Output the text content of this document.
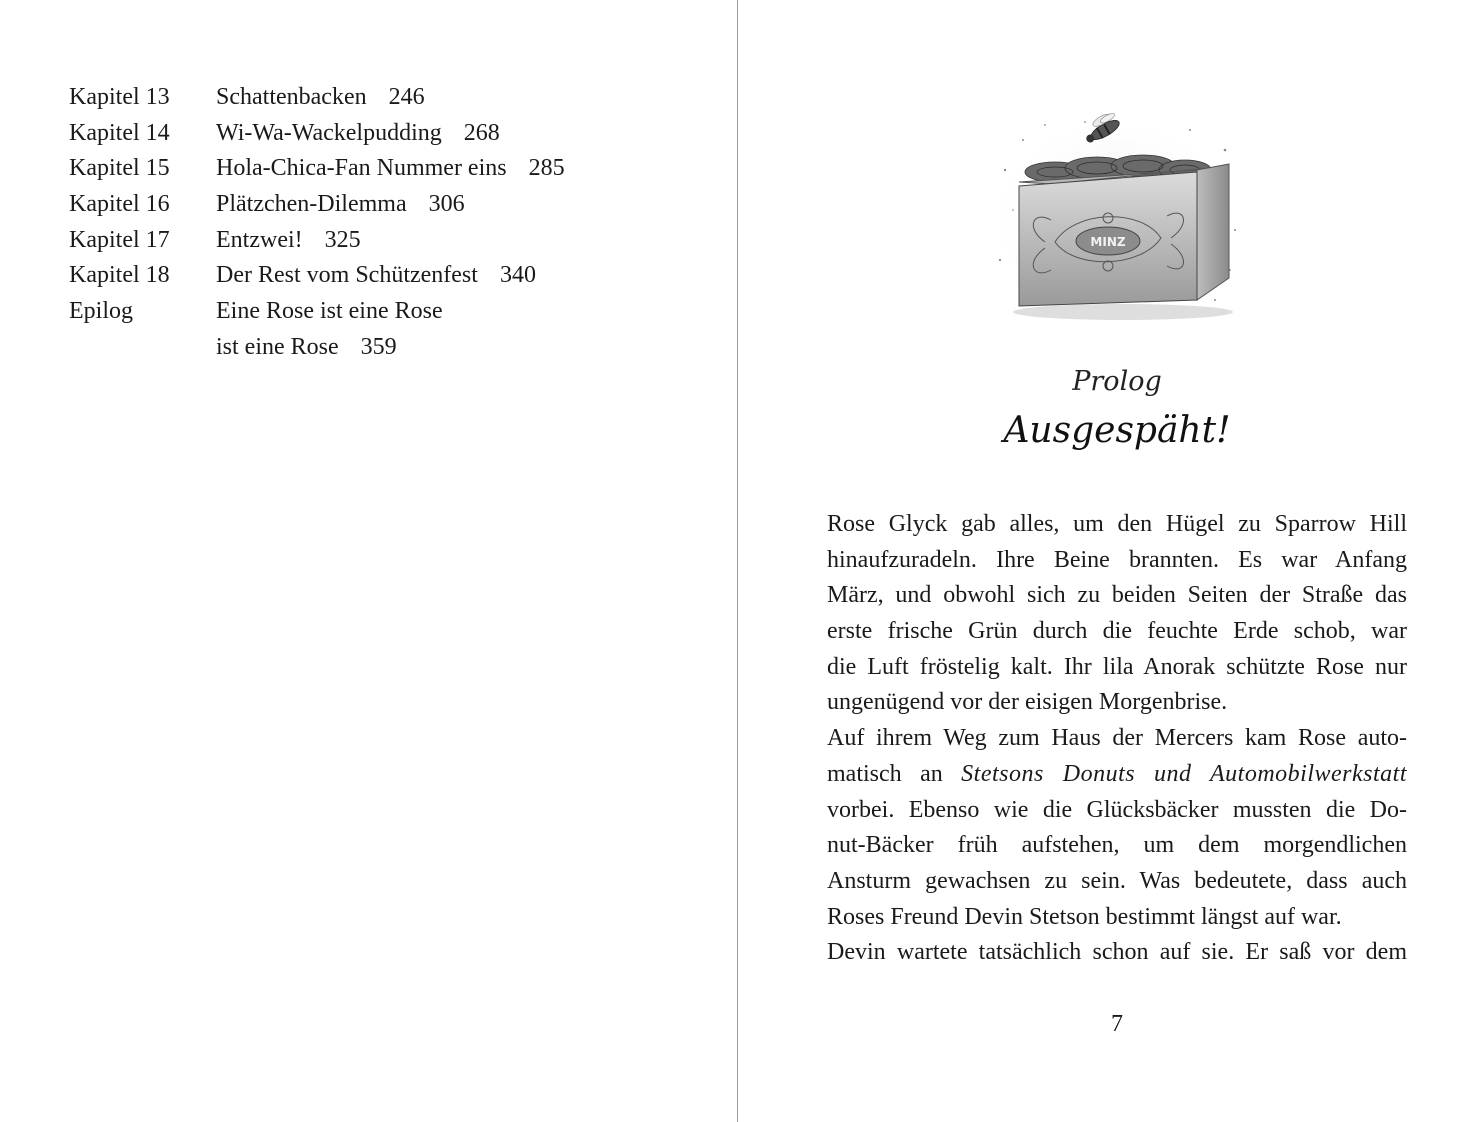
Kapitel 13 Schattenbacken 246
Kapitel 14 Wi-Wa-Wackelpudding 268
Kapitel 15 Hola-Chica-Fan Nummer eins 285
Kapitel 16 Plätzchen-Dilemma 306
Kapitel 17 Entzwei! 325
Kapitel 18 Der Rest vom Schützenfest 340
Epilog	Eine Rose ist eine Rose
ist eine Rose 359
MINZ
Prolog
Ausgespäht!
Rose Glyck gab alles, um den Hügel zu Sparrow Hill
hinaufzuradeln. Ihre Beine brannten. Es war Anfang
März, und obwohl sich zu beiden Seiten der Straße das
erste frische Grün durch die feuchte Erde schob, war
die Luft fröstelig kalt. Ihr lila Anorak schützte Rose nur
ungenügend vor der eisigen Morgenbrise.
Auf ihrem Weg zum Haus der Mercers kam Rose auto-
matisch an Stetsons Donuts und Automobilwerkstatt
vorbei. Ebenso wie die Glücksbäcker mussten die Do-
nut-Bäcker früh aufstehen, um dem morgendlichen
Ansturm gewachsen zu sein. Was bedeutete, dass auch
Roses Freund Devin Stetson bestimmt längst auf war.
Devin wartete tatsächlich schon auf sie. Er saß vor dem
7
